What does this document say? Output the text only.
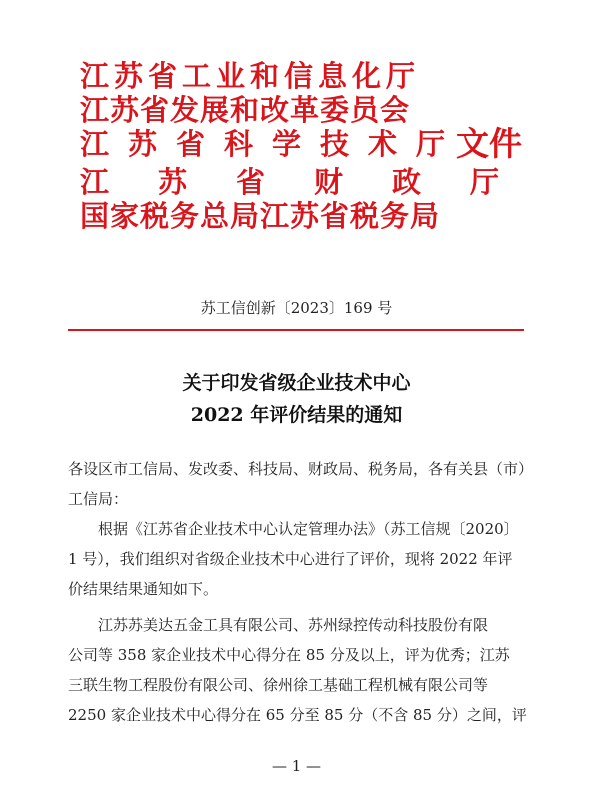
江苏省工业和信息化厅
江苏省发展和改革委员会
江苏省科学技术厅
江苏省财政厅
国家税务总局江苏省税务局
文件
苏工信创新〔2023〕169 号
关于印发省级企业技术中心
2022 年评价结果的通知
各设区市工信局、发改委、科技局、财政局、税务局，各有关县（市）
工信局：
根据《江苏省企业技术中心认定管理办法》（苏工信规〔2020〕
1 号），我们组织对省级企业技术中心进行了评价，现将 2022 年评
价结果结果通知如下。
江苏苏美达五金工具有限公司、苏州绿控传动科技股份有限
公司等 358 家企业技术中心得分在 85 分及以上，评为优秀；江苏
三联生物工程股份有限公司、徐州徐工基础工程机械有限公司等
2250 家企业技术中心得分在 65 分至 85 分（不含 85 分）之间，评
— 1 —
